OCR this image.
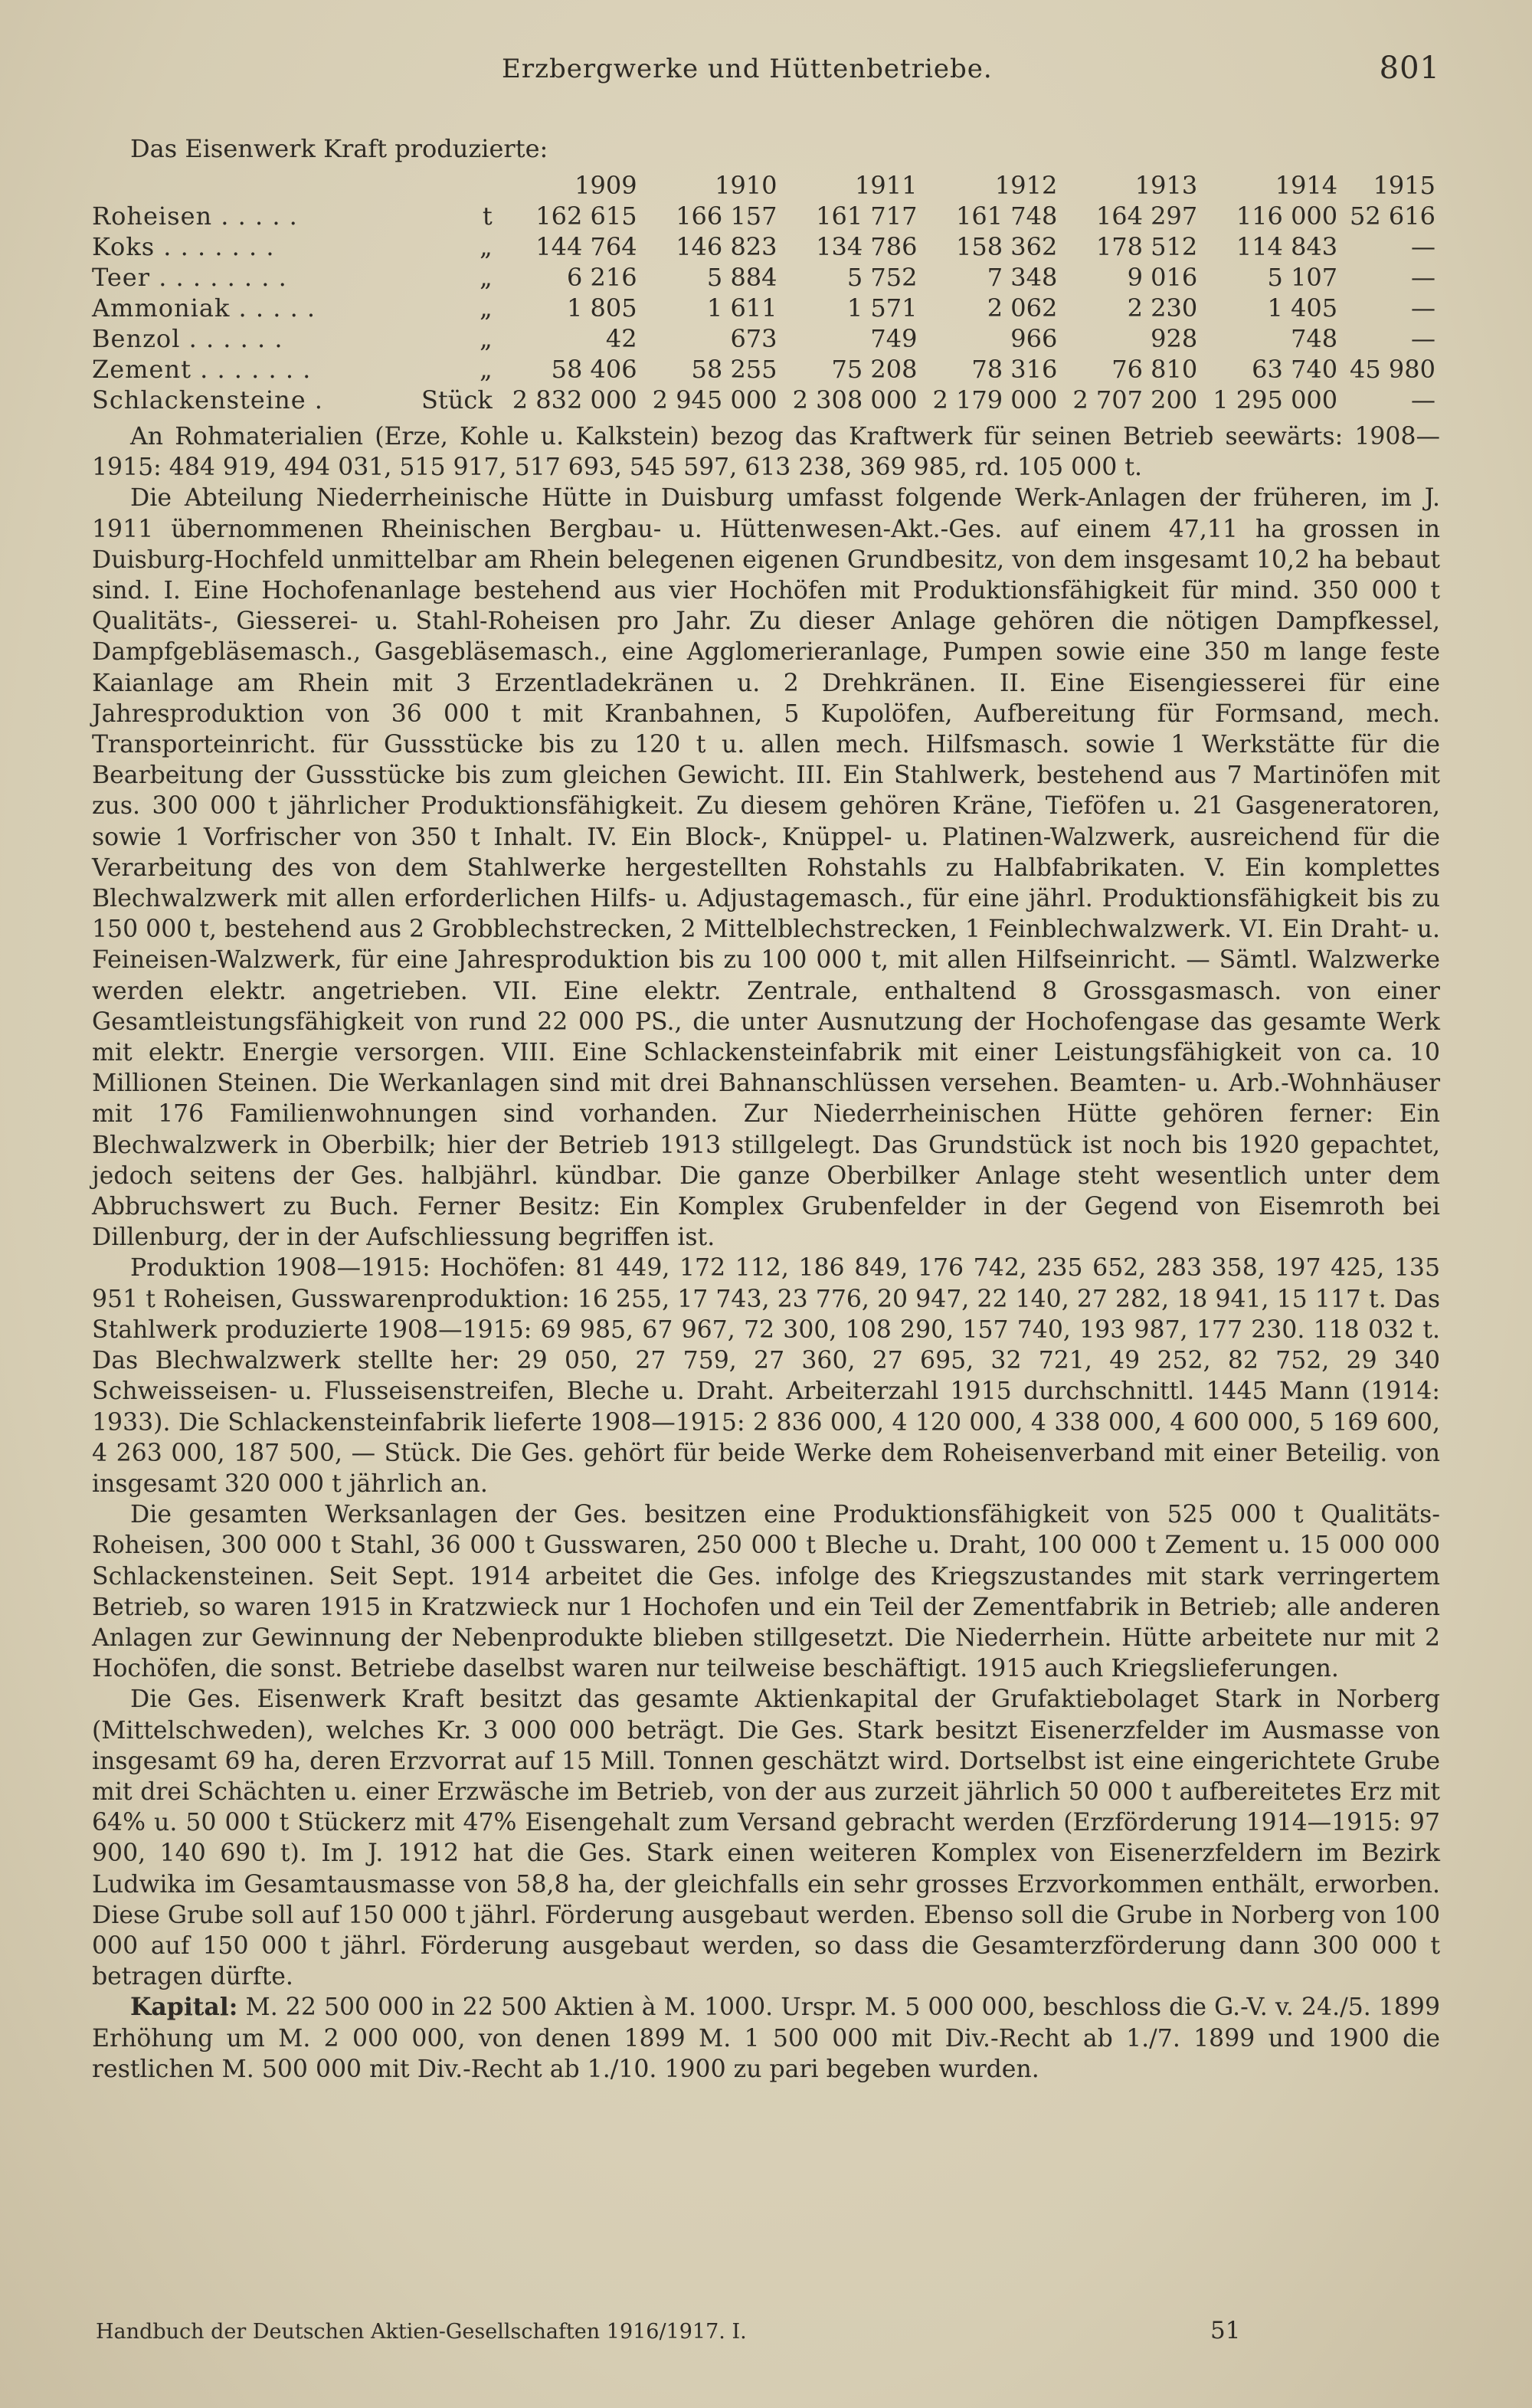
Erzbergwerke und Hüttenbetriebe.	801
Das Eisenwerk Kraft produzierte:
		1909	1910	1911	1912	1913	1914	1915
Roheisen . . . . .	t	162 615	166 157	161 717	161 748	164 297	116 000	52 616
Koks . . . . . . .	„	144 764	146 823	134 786	158 362	178 512	114 843	—
Teer . . . . . . . .	„	6 216	5 884	5 752	7 348	9 016	5 107	—
Ammoniak . . . . .	„	1 805	1 611	1 571	2 062	2 230	1 405	—
Benzol . . . . . .	„	42	673	749	966	928	748	—
Zement . . . . . . .	„	58 406	58 255	75 208	78 316	76 810	63 740	45 980
Schlackensteine .	Stück	2 832 000	2 945 000	2 308 000	2 179 000	2 707 200	1 295 000	—

An Rohmaterialien (Erze, Kohle u. Kalkstein) bezog das Kraftwerk für seinen Betrieb seewärts: 1908—1915: 484 919, 494 031, 515 917, 517 693, 545 597, 613 238, 369 985, rd. 105 000 t.

Die Abteilung Niederrheinische Hütte in Duisburg umfasst folgende Werk-Anlagen der früheren, im J. 1911 übernommenen Rheinischen Bergbau- u. Hüttenwesen-Akt.-Ges. auf einem 47,11 ha grossen in Duisburg-Hochfeld unmittelbar am Rhein belegenen eigenen Grundbesitz, von dem insgesamt 10,2 ha bebaut sind. I. Eine Hochofenanlage bestehend aus vier Hochöfen mit Produktionsfähigkeit für mind. 350 000 t Qualitäts-, Giesserei- u. Stahl-Roheisen pro Jahr. Zu dieser Anlage gehören die nötigen Dampfkessel, Dampfgebläsemasch., Gasgebläsemasch., eine Agglomerieranlage, Pumpen sowie eine 350 m lange feste Kaianlage am Rhein mit 3 Erzentladekränen u. 2 Drehkränen. II. Eine Eisengiesserei für eine Jahresproduktion von 36 000 t mit Kranbahnen, 5 Kupolöfen, Aufbereitung für Formsand, mech. Transporteinricht. für Gussstücke bis zu 120 t u. allen mech. Hilfsmasch. sowie 1 Werkstätte für die Bearbeitung der Gussstücke bis zum gleichen Gewicht. III. Ein Stahlwerk, bestehend aus 7 Martinöfen mit zus. 300 000 t jährlicher Produktionsfähigkeit. Zu diesem gehören Kräne, Tieföfen u. 21 Gasgeneratoren, sowie 1 Vorfrischer von 350 t Inhalt. IV. Ein Block-, Knüppel- u. Platinen-Walzwerk, ausreichend für die Verarbeitung des von dem Stahlwerke hergestellten Rohstahls zu Halbfabrikaten. V. Ein komplettes Blechwalzwerk mit allen erforderlichen Hilfs- u. Adjustagemasch., für eine jährl. Produktionsfähigkeit bis zu 150 000 t, bestehend aus 2 Grobblechstrecken, 2 Mittelblechstrecken, 1 Feinblechwalzwerk. VI. Ein Draht- u. Feineisen-Walzwerk, für eine Jahresproduktion bis zu 100 000 t, mit allen Hilfseinricht. — Sämtl. Walzwerke werden elektr. angetrieben. VII. Eine elektr. Zentrale, enthaltend 8 Grossgasmasch. von einer Gesamtleistungsfähigkeit von rund 22 000 PS., die unter Ausnutzung der Hochofengase das gesamte Werk mit elektr. Energie versorgen. VIII. Eine Schlackensteinfabrik mit einer Leistungsfähigkeit von ca. 10 Millionen Steinen. Die Werkanlagen sind mit drei Bahnanschlüssen versehen. Beamten- u. Arb.-Wohnhäuser mit 176 Familienwohnungen sind vorhanden. Zur Niederrheinischen Hütte gehören ferner: Ein Blechwalzwerk in Oberbilk; hier der Betrieb 1913 stillgelegt. Das Grundstück ist noch bis 1920 gepachtet, jedoch seitens der Ges. halbjährl. kündbar. Die ganze Oberbilker Anlage steht wesentlich unter dem Abbruchswert zu Buch. Ferner Besitz: Ein Komplex Grubenfelder in der Gegend von Eisemroth bei Dillenburg, der in der Aufschliessung begriffen ist.

Produktion 1908—1915: Hochöfen: 81 449, 172 112, 186 849, 176 742, 235 652, 283 358, 197 425, 135 951 t Roheisen, Gusswarenproduktion: 16 255, 17 743, 23 776, 20 947, 22 140, 27 282, 18 941, 15 117 t. Das Stahlwerk produzierte 1908—1915: 69 985, 67 967, 72 300, 108 290, 157 740, 193 987, 177 230. 118 032 t. Das Blechwalzwerk stellte her: 29 050, 27 759, 27 360, 27 695, 32 721, 49 252, 82 752, 29 340 Schweisseisen- u. Flusseisenstreifen, Bleche u. Draht. Arbeiterzahl 1915 durchschnittl. 1445 Mann (1914: 1933). Die Schlackensteinfabrik lieferte 1908—1915: 2 836 000, 4 120 000, 4 338 000, 4 600 000, 5 169 600, 4 263 000, 187 500, — Stück. Die Ges. gehört für beide Werke dem Roheisenverband mit einer Beteilig. von insgesamt 320 000 t jährlich an.

Die gesamten Werksanlagen der Ges. besitzen eine Produktionsfähigkeit von 525 000 t Qualitäts-Roheisen, 300 000 t Stahl, 36 000 t Gusswaren, 250 000 t Bleche u. Draht, 100 000 t Zement u. 15 000 000 Schlackensteinen. Seit Sept. 1914 arbeitet die Ges. infolge des Kriegszustandes mit stark verringertem Betrieb, so waren 1915 in Kratzwieck nur 1 Hochofen und ein Teil der Zementfabrik in Betrieb; alle anderen Anlagen zur Gewinnung der Nebenprodukte blieben stillgesetzt. Die Niederrhein. Hütte arbeitete nur mit 2 Hochöfen, die sonst. Betriebe daselbst waren nur teilweise beschäftigt. 1915 auch Kriegslieferungen.

Die Ges. Eisenwerk Kraft besitzt das gesamte Aktienkapital der Grufaktiebolaget Stark in Norberg (Mittelschweden), welches Kr. 3 000 000 beträgt. Die Ges. Stark besitzt Eisenerzfelder im Ausmasse von insgesamt 69 ha, deren Erzvorrat auf 15 Mill. Tonnen geschätzt wird. Dortselbst ist eine eingerichtete Grube mit drei Schächten u. einer Erzwäsche im Betrieb, von der aus zurzeit jährlich 50 000 t aufbereitetes Erz mit 64% u. 50 000 t Stückerz mit 47% Eisengehalt zum Versand gebracht werden (Erzförderung 1914—1915: 97 900, 140 690 t). Im J. 1912 hat die Ges. Stark einen weiteren Komplex von Eisenerzfeldern im Bezirk Ludwika im Gesamtausmasse von 58,8 ha, der gleichfalls ein sehr grosses Erzvorkommen enthält, erworben. Diese Grube soll auf 150 000 t jährl. Förderung ausgebaut werden. Ebenso soll die Grube in Norberg von 100 000 auf 150 000 t jährl. Förderung ausgebaut werden, so dass die Gesamterzförderung dann 300 000 t betragen dürfte.

Kapital: M. 22 500 000 in 22 500 Aktien à M. 1000. Urspr. M. 5 000 000, beschloss die G.-V. v. 24./5. 1899 Erhöhung um M. 2 000 000, von denen 1899 M. 1 500 000 mit Div.-Recht ab 1./7. 1899 und 1900 die restlichen M. 500 000 mit Div.-Recht ab 1./10. 1900 zu pari begeben wurden.

Handbuch der Deutschen Aktien-Gesellschaften 1916/1917. I.	51
